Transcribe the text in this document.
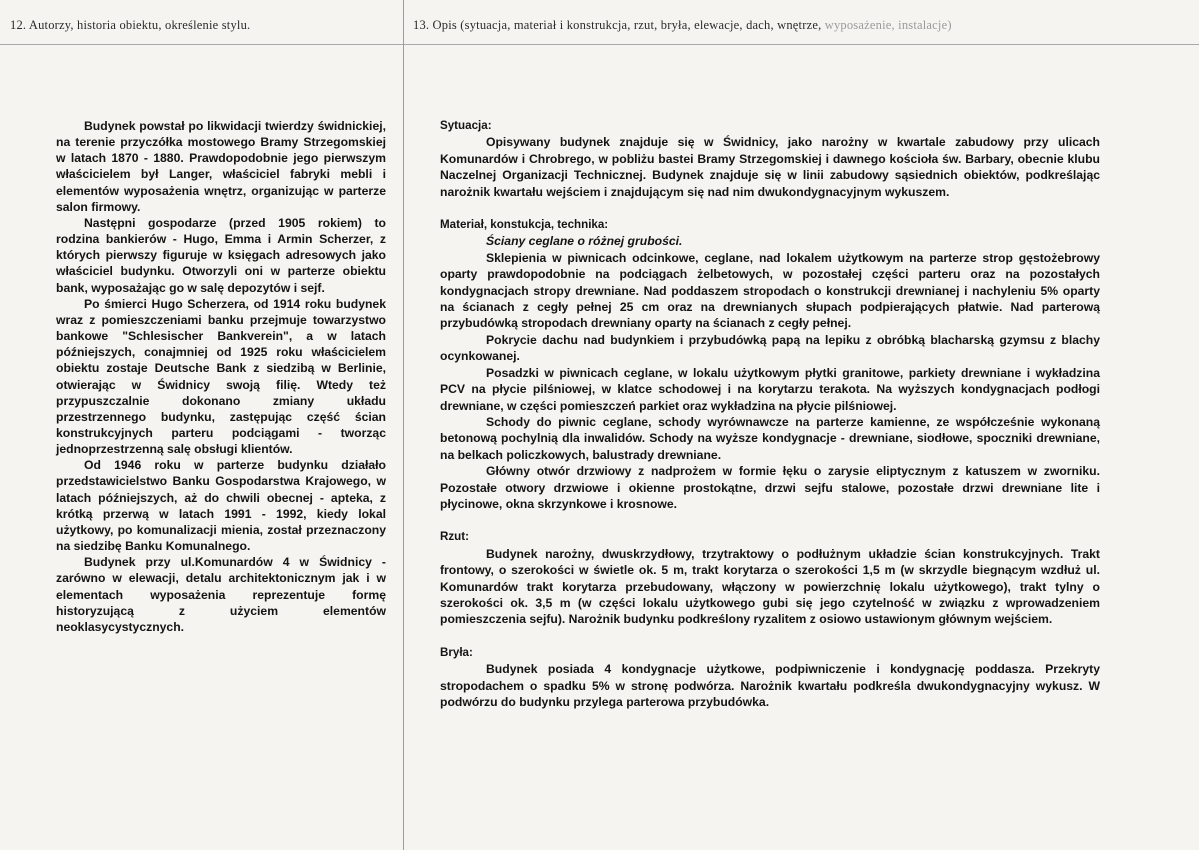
12. Autorzy, historia obiektu, określenie stylu.	13. Opis (sytuacja, materiał i konstrukcja, rzut, bryła, elewacje, dach, wnętrze, wyposażenie, instalacje)

Budynek powstał po likwidacji twierdzy świdnickiej, na terenie przyczółka mostowego Bramy Strzegomskiej w latach 1870 - 1880. Prawdopodobnie jego pierwszym właścicielem był Langer, właściciel fabryki mebli i elementów wyposażenia wnętrz, organizując w parterze salon firmowy.

Następni gospodarze (przed 1905 rokiem) to rodzina bankierów - Hugo, Emma i Armin Scherzer, z których pierwszy figuruje w księgach adresowych jako właściciel budynku. Otworzyli oni w parterze obiektu bank, wyposażając go w salę depozytów i sejf.

Po śmierci Hugo Scherzera, od 1914 roku budynek wraz z pomieszczeniami banku przejmuje towarzystwo bankowe "Schlesischer Bankverein", a w latach późniejszych, conajmniej od 1925 roku właścicielem obiektu zostaje Deutsche Bank z siedzibą w Berlinie, otwierając w Świdnicy swoją filię. Wtedy też przypuszczalnie dokonano zmiany układu przestrzennego budynku, zastępując część ścian konstrukcyjnych parteru podciągami - tworząc jednoprzestrzenną salę obsługi klientów.

Od 1946 roku w parterze budynku działało przedstawicielstwo Banku Gospodarstwa Krajowego, w latach późniejszych, aż do chwili obecnej - apteka, z krótką przerwą w latach 1991 - 1992, kiedy lokal użytkowy, po komunalizacji mienia, został przeznaczony na siedzibę Banku Komunalnego.

Budynek przy ul.Komunardów 4 w Świdnicy - zarówno w elewacji, detalu architektonicznym jak i w elementach wyposażenia reprezentuje formę historyzującą z użyciem elementów neoklasycystycznych.

Sytuacja:

Opisywany budynek znajduje się w Świdnicy, jako narożny w kwartale zabudowy przy ulicach Komunardów i Chrobrego, w pobliżu bastei Bramy Strzegomskiej i dawnego kościoła św. Barbary, obecnie klubu Naczelnej Organizacji Technicznej. Budynek znajduje się w linii zabudowy sąsiednich obiektów, podkreślając narożnik kwartału wejściem i znajdującym się nad nim dwukondygnacyjnym wykuszem.

Materiał, konstukcja, technika:

Ściany ceglane o różnej grubości.

Sklepienia w piwnicach odcinkowe, ceglane, nad lokalem użytkowym na parterze strop gęstożebrowy oparty prawdopodobnie na podciągach żelbetowych, w pozostałej części parteru oraz na pozostałych kondygnacjach stropy drewniane. Nad poddaszem stropodach o konstrukcji drewnianej i nachyleniu 5% oparty na ścianach z cegły pełnej 25 cm oraz na drewnianych słupach podpierających płatwie. Nad parterową przybudówką stropodach drewniany oparty na ścianach z cegły pełnej.

Pokrycie dachu nad budynkiem i przybudówką papą na lepiku z obróbką blacharską gzymsu z blachy ocynkowanej.

Posadzki w piwnicach ceglane, w lokalu użytkowym płytki granitowe, parkiety drewniane i wykładzina PCV na płycie pilśniowej, w klatce schodowej i na korytarzu terakota. Na wyższych kondygnacjach podłogi drewniane, w części pomieszczeń parkiet oraz wykładzina na płycie pilśniowej.

Schody do piwnic ceglane, schody wyrównawcze na parterze kamienne, ze współcześnie wykonaną betonową pochylnią dla inwalidów. Schody na wyższe kondygnacje - drewniane, siodłowe, spoczniki drewniane, na belkach policzkowych, balustrady drewniane.

Główny otwór drzwiowy z nadprożem w formie łęku o zarysie eliptycznym z katuszem w zworniku. Pozostałe otwory drzwiowe i okienne prostokątne, drzwi sejfu stalowe, pozostałe drzwi drewniane lite i płycinowe, okna skrzynkowe i krosnowe.

Rzut:

Budynek narożny, dwuskrzydłowy, trzytraktowy o podłużnym układzie ścian konstrukcyjnych. Trakt frontowy, o szerokości w świetle ok. 5 m, trakt korytarza o szerokości 1,5 m (w skrzydle biegnącym wzdłuż ul. Komunardów trakt korytarza przebudowany, włączony w powierzchnię lokalu użytkowego), trakt tylny o szerokości ok. 3,5 m (w części lokalu użytkowego gubi się jego czytelność w związku z wprowadzeniem pomieszczenia sejfu). Narożnik budynku podkreślony ryzalitem z osiowo ustawionym głównym wejściem.

Bryła:

Budynek posiada 4 kondygnacje użytkowe, podpiwniczenie i kondygnację poddasza. Przekryty stropodachem o spadku 5% w stronę podwórza. Narożnik kwartału podkreśla dwukondygnacyjny wykusz. W podwórzu do budynku przylega parterowa przybudówka.
